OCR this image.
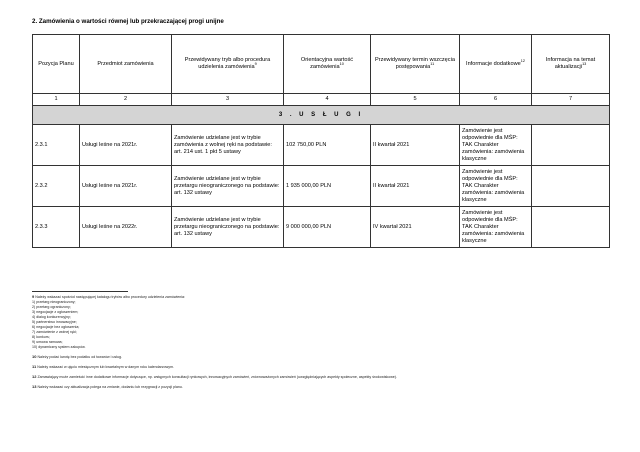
2. Zamówienia o wartości równej lub przekraczającej progi unijne
Pozycja Planu	Przedmiot zamówienia	Przewidywany tryb albo procedura udzielenia zamówienia$^9$	Orientacyjna wartość zamówienia$^{10}$	Przewidywany termin wszczęcia postępowania$^{11}$	Informacje dodatkowe$^{12}$	Informacja na temat aktualizacji$^{13}$
1	2	3	4	5	6	7
3 . U S Ł U G I						
2.3.1	Usługi leśne na 2021r.	Zamówienie udzielane jest w trybie zamówienia z wolnej ręki na podstawie: art. 214 ust. 1 pkt 5 ustawy	102 750,00 PLN	II kwartał 2021	Zamówienie jest odpowiednie dla MŚP: TAK Charakter zamówienia: zamówienia klasyczne	
2.3.2	Usługi leśne na 2021r.	Zamówienie udzielane jest w trybie przetargu nieograniczonego na podstawie: art. 132 ustawy	1 935 000,00 PLN	II kwartał 2021	Zamówienie jest odpowiednie dla MŚP: TAK Charakter zamówienia: zamówienia klasyczne	
2.3.3	Usługi leśne na 2022r.	Zamówienie udzielane jest w trybie przetargu nieograniczonego na podstawie: art. 132 ustawy	9 000 000,00 PLN	IV kwartał 2021	Zamówienie jest odpowiednie dla MŚP: TAK Charakter zamówienia: zamówienia klasyczne	
9 Należy wskazać spośród następującej katalogu trybów albo procedury udzielenia zamówienia:
1) przetarg nieograniczony;
2) przetarg ograniczony;
3) negocjacje z ogłoszeniem;
4) dialog konkurencyjny;
5) partnerstwo innowacyjne;
6) negocjacje bez ogłoszenia;
7) zamówienie z wolnej ręki;
8) konkurs;
9) umowa ramowa;
10) dynamiczny system zakupów.
10 Należy podać kwotę bez podatku od towarów i usług.
11 Należy wskazać w ujęciu miesięcznym lub kwartalnym w danym roku kalendarzowym.
12 Zamawiający może zamieścić inne dodatkowe informacje dotyczące, np. wstępnych konsultacji rynkowych, innowacyjnych zamówień, zrównoważonych zamówień (uwzględniających aspekty społeczne, aspekty środowiskowe).
13 Należy wskazać czy aktualizacja polega na zmianie, dodaniu lub rezygnacji z pozycji planu.
